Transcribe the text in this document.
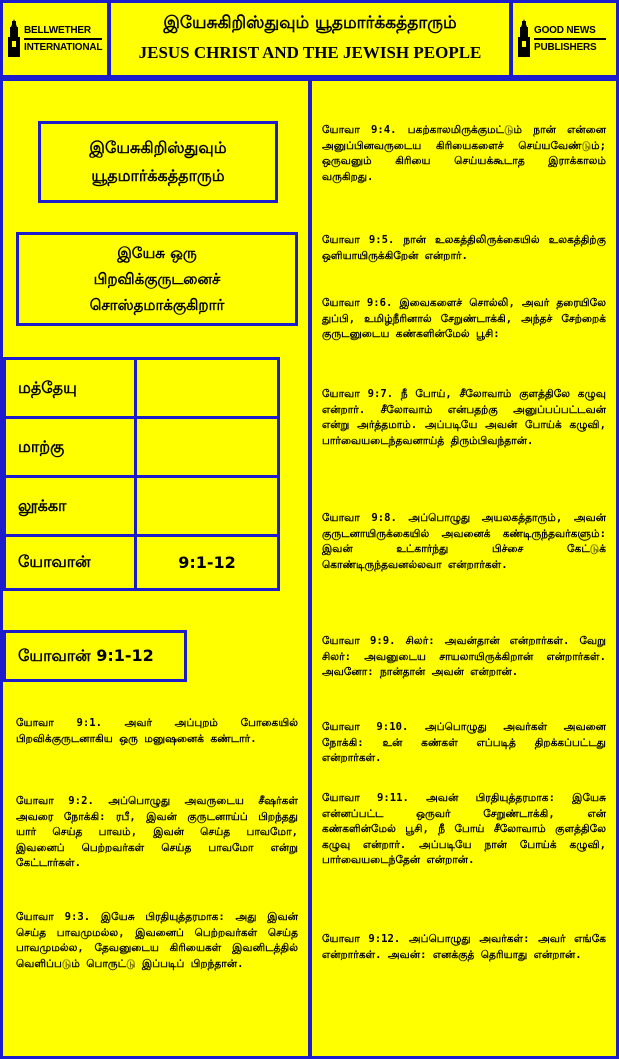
BELLWETHER
INTERNATIONAL
இயேசுகிறிஸ்துவும் யூதமார்க்கத்தாரும்
JESUS CHRIST AND THE JEWISH PEOPLE
GOOD NEWS
PUBLISHERS
இயேசுகிறிஸ்துவும்
யூதமார்க்கத்தாரும்
இயேசு ஒரு
பிறவிக்குருடனைச்
சொஸ்தமாக்குகிறார்
மத்தேயு
மாற்கு
லூக்கா
யோவான்	9:1-12
யோவான் 9:1-12
யோவா 9:1. அவர் அப்புறம் போகையில் பிறவிக்குருடனாகிய ஒரு மனுஷனைக் கண்டார்.
யோவா 9:2. அப்பொழுது அவருடைய சீஷர்கள் அவரை நோக்கி: ரபீ, இவன் குருடனாய்ப் பிறந்தது யார் செய்த பாவம், இவன் செய்த பாவமோ, இவனைப் பெற்றவர்கள் செய்த பாவமோ என்று கேட்டார்கள்.
யோவா 9:3. இயேசு பிரதியுத்தரமாக: அது இவன் செய்த பாவமுமல்ல, இவனைப் பெற்றவர்கள் செய்த பாவமுமல்ல, தேவனுடைய கிரியைகள் இவனிடத்தில் வெளிப்படும் பொருட்டு இப்படிப் பிறந்தான்.
யோவா 9:4. பகற்காலமிருக்குமட்டும் நான் என்னை அனுப்பினவருடைய கிரியைகளைச் செய்யவேண்டும்; ஒருவனும் கிரியை செய்யக்கூடாத இராக்காலம் வருகிறது.
யோவா 9:5. நான் உலகத்திலிருக்கையில் உலகத்திற்கு ஒளியாயிருக்கிறேன் என்றார்.
யோவா 9:6. இவைகளைச் சொல்லி, அவர் தரையிலே துப்பி, உமிழ்நீரினால் சேறுண்டாக்கி, அந்தச் சேற்றைக் குருடனுடைய கண்களின்மேல் பூசி:
யோவா 9:7. நீ போய், சீலோவாம் குளத்திலே கழுவு என்றார். சீலோவாம் என்பதற்கு அனுப்பப்பட்டவன் என்று அர்த்தமாம். அப்படியே அவன் போய்க் கழுவி, பார்வையடைந்தவனாய்த் திரும்பிவந்தான்.
யோவா 9:8. அப்பொழுது அயலகத்தாரும், அவன் குருடனாயிருக்கையில் அவனைக் கண்டிருந்தவர்களும்: இவன் உட்கார்ந்து பிச்சை கேட்டுக் கொண்டிருந்தவனல்லவா என்றார்கள்.
யோவா 9:9. சிலர்: அவன்தான் என்றார்கள். வேறு சிலர்: அவனுடைய சாயலாயிருக்கிறான் என்றார்கள். அவனோ: நான்தான் அவன் என்றான்.
யோவா 9:10. அப்பொழுது அவர்கள் அவனை நோக்கி: உன் கண்கள் எப்படித் திறக்கப்பட்டது என்றார்கள்.
யோவா 9:11. அவன் பிரதியுத்தரமாக: இயேசு என்னப்பட்ட ஒருவர் சேறுண்டாக்கி, என் கண்களின்மேல் பூசி, நீ போய் சீலோவாம் குளத்திலே கழுவு என்றார். அப்படியே நான் போய்க் கழுவி, பார்வையடைந்தேன் என்றான்.
யோவா 9:12. அப்பொழுது அவர்கள்: அவர் எங்கே என்றார்கள். அவன்: எனக்குத் தெரியாது என்றான்.
